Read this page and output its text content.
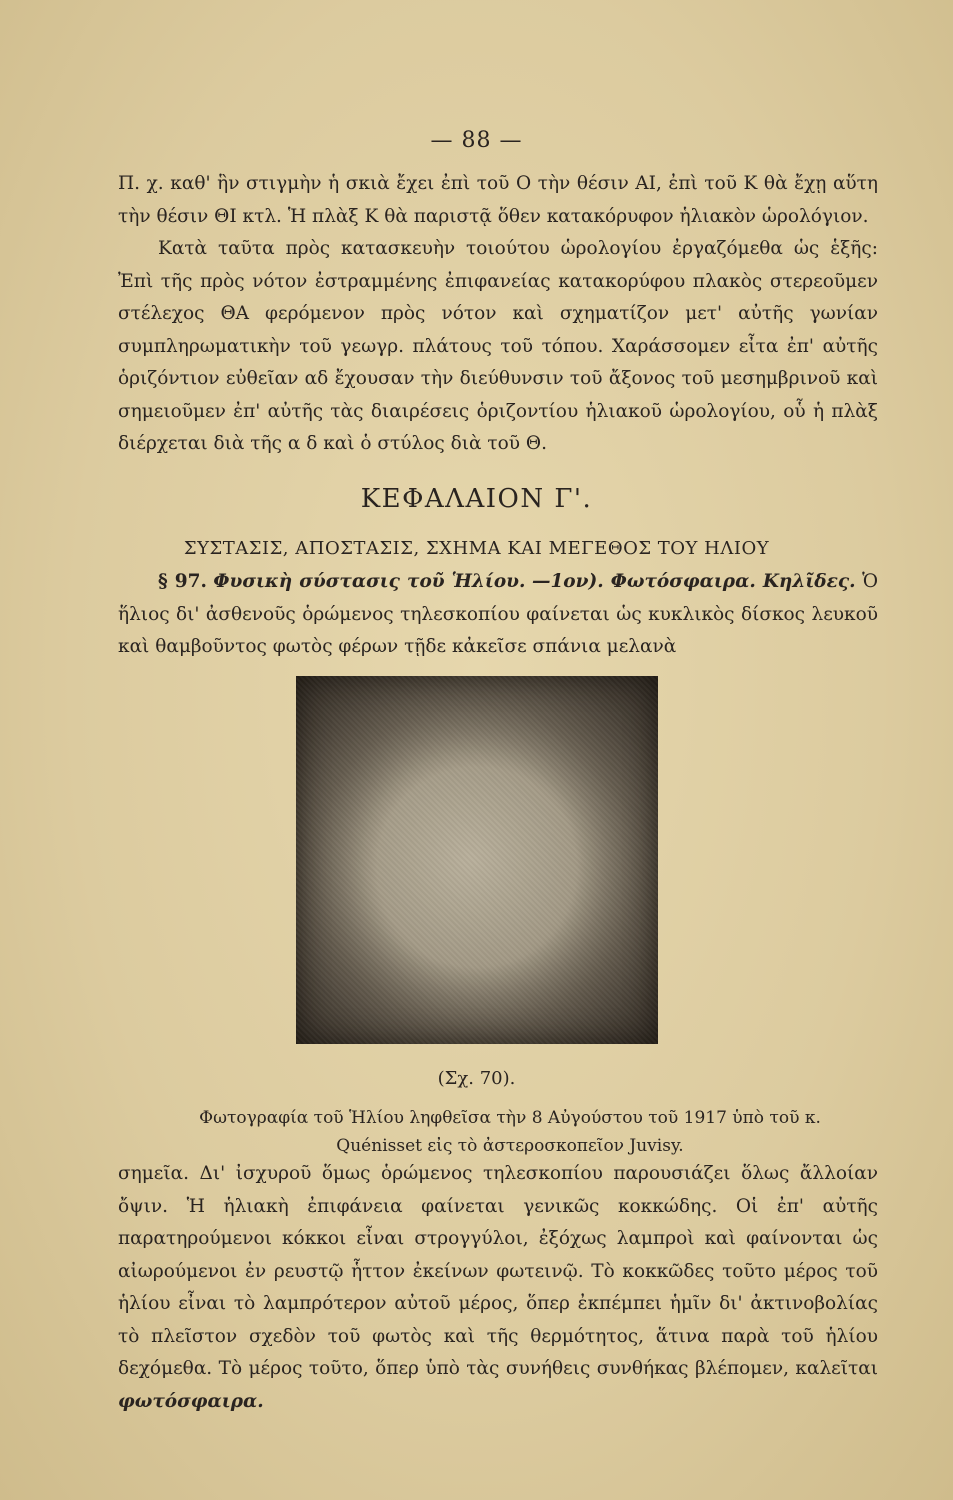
— 88 —

Π. χ. καθ' ἣν στιγμὴν ἡ σκιὰ ἔχει ἐπὶ τοῦ Ο τὴν θέσιν ΑΙ, ἐπὶ τοῦ Κ θὰ ἔχῃ αὕτη τὴν θέσιν ΘΙ κτλ. Ἡ πλὰξ Κ θὰ παριστᾷ ὅθεν κατακόρυφον ἡλιακὸν ὡρολόγιον.

Κατὰ ταῦτα πρὸς κατασκευὴν τοιούτου ὡρολογίου ἐργαζόμεθα ὡς ἑξῆς: Ἐπὶ τῆς πρὸς νότον ἐστραμμένης ἐπιφανείας κατακορύφου πλακὸς στερεοῦμεν στέλεχος ΘΑ φερόμενον πρὸς νότον καὶ σχηματίζον μετ' αὐτῆς γωνίαν συμπληρωματικὴν τοῦ γεωγρ. πλάτους τοῦ τόπου. Χαράσσομεν εἶτα ἐπ' αὐτῆς ὁριζόντιον εὐθεῖαν αδ ἔχουσαν τὴν διεύθυνσιν τοῦ ἄξονος τοῦ μεσημβρινοῦ καὶ σημειοῦμεν ἐπ' αὐτῆς τὰς διαιρέσεις ὁριζοντίου ἡλιακοῦ ὡρολογίου, οὗ ἡ πλὰξ διέρχεται διὰ τῆς α δ καὶ ὁ στύλος διὰ τοῦ Θ.

ΚΕΦΑΛΑΙΟΝ Γ'.
ΣΥΣΤΑΣΙΣ, ΑΠΟΣΤΑΣΙΣ, ΣΧΗΜΑ ΚΑΙ ΜΕΓΕΘΟΣ ΤΟΥ ΗΛΙΟΥ

§ 97. Φυσικὴ σύστασις τοῦ Ἡλίου. —1ον). Φωτόσφαιρα. Κηλῖδες. Ὁ ἥλιος δι' ἀσθενοῦς ὁρώμενος τηλεσκοπίου φαίνεται ὡς κυκλικὸς δίσκος λευκοῦ καὶ θαμβοῦντος φωτὸς φέρων τῇδε κἀκεῖσε σπάνια μελανὰ

(Σχ. 70).
Φωτογραφία τοῦ Ἡλίου ληφθεῖσα τὴν 8 Αὐγούστου τοῦ 1917 ὑπὸ τοῦ κ.
Quénisset εἰς τὸ ἀστεροσκοπεῖον Juvisy.

σημεῖα. Δι' ἰσχυροῦ ὅμως ὁρώμενος τηλεσκοπίου παρουσιάζει ὅλως ἄλλοίαν ὄψιν. Ἡ ἡλιακὴ ἐπιφάνεια φαίνεται γενικῶς κοκκώδης. Οἱ ἐπ' αὐτῆς παρατηρούμενοι κόκκοι εἶναι στρογγύλοι, ἐξόχως λαμπροὶ καὶ φαίνονται ὡς αἰωρούμενοι ἐν ρευστῷ ἧττον ἐκείνων φωτεινῷ. Τὸ κοκκῶδες τοῦτο μέρος τοῦ ἡλίου εἶναι τὸ λαμπρότερον αὐτοῦ μέρος, ὅπερ ἐκπέμπει ἡμῖν δι' ἀκτινοβολίας τὸ πλεῖστον σχεδὸν τοῦ φωτὸς καὶ τῆς θερμότητος, ἅτινα παρὰ τοῦ ἡλίου δεχόμεθα. Τὸ μέρος τοῦτο, ὅπερ ὑπὸ τὰς συνήθεις συνθήκας βλέπομεν, καλεῖται φωτόσφαιρα.
